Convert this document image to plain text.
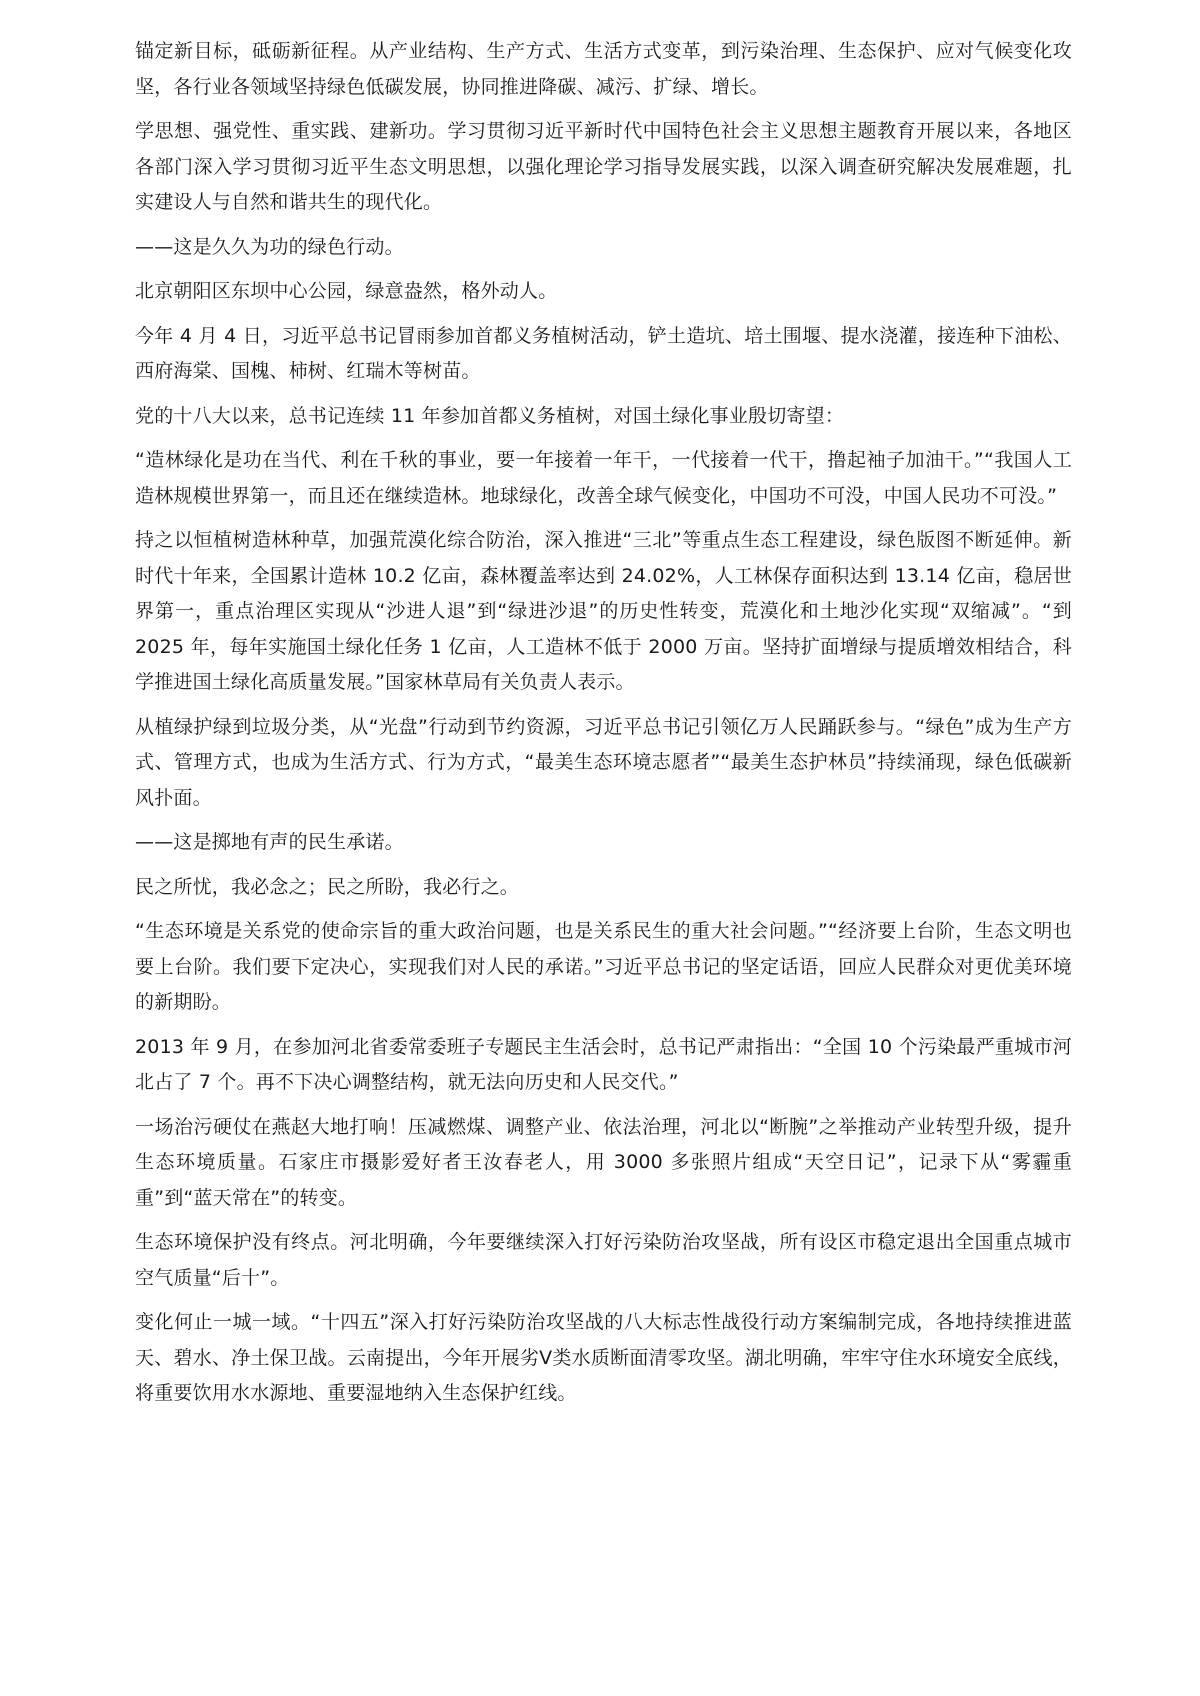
锚定新目标，砥砺新征程。从产业结构、生产方式、生活方式变革，到污染治理、生态保护、应对气候变化攻坚，各行业各领域坚持绿色低碳发展，协同推进降碳、减污、扩绿、增长。

学思想、强党性、重实践、建新功。学习贯彻习近平新时代中国特色社会主义思想主题教育开展以来，各地区各部门深入学习贯彻习近平生态文明思想，以强化理论学习指导发展实践，以深入调查研究解决发展难题，扎实建设人与自然和谐共生的现代化。

——这是久久为功的绿色行动。

北京朝阳区东坝中心公园，绿意盎然，格外动人。

今年 4 月 4 日，习近平总书记冒雨参加首都义务植树活动，铲土造坑、培土围堰、提水浇灌，接连种下油松、西府海棠、国槐、柿树、红瑞木等树苗。

党的十八大以来，总书记连续 11 年参加首都义务植树，对国土绿化事业殷切寄望：

“造林绿化是功在当代、利在千秋的事业，要一年接着一年干，一代接着一代干，撸起袖子加油干。”“我国人工造林规模世界第一，而且还在继续造林。地球绿化，改善全球气候变化，中国功不可没，中国人民功不可没。”

持之以恒植树造林种草，加强荒漠化综合防治，深入推进“三北”等重点生态工程建设，绿色版图不断延伸。新时代十年来，全国累计造林 10.2 亿亩，森林覆盖率达到 24.02%，人工林保存面积达到 13.14 亿亩，稳居世界第一，重点治理区实现从“沙进人退”到“绿进沙退”的历史性转变，荒漠化和土地沙化实现“双缩减”。“到 2025 年，每年实施国土绿化任务 1 亿亩，人工造林不低于 2000 万亩。坚持扩面增绿与提质增效相结合，科学推进国土绿化高质量发展。”国家林草局有关负责人表示。

从植绿护绿到垃圾分类，从“光盘”行动到节约资源，习近平总书记引领亿万人民踊跃参与。“绿色”成为生产方式、管理方式，也成为生活方式、行为方式，“最美生态环境志愿者”“最美生态护林员”持续涌现，绿色低碳新风扑面。

——这是掷地有声的民生承诺。

民之所忧，我必念之；民之所盼，我必行之。

“生态环境是关系党的使命宗旨的重大政治问题，也是关系民生的重大社会问题。”“经济要上台阶，生态文明也要上台阶。我们要下定决心，实现我们对人民的承诺。”习近平总书记的坚定话语，回应人民群众对更优美环境的新期盼。

2013 年 9 月，在参加河北省委常委班子专题民主生活会时，总书记严肃指出：“全国 10 个污染最严重城市河北占了 7 个。再不下决心调整结构，就无法向历史和人民交代。”

一场治污硬仗在燕赵大地打响！压减燃煤、调整产业、依法治理，河北以“断腕”之举推动产业转型升级，提升生态环境质量。石家庄市摄影爱好者王汝春老人，用 3000 多张照片组成“天空日记”，记录下从“雾霾重重”到“蓝天常在”的转变。

生态环境保护没有终点。河北明确，今年要继续深入打好污染防治攻坚战，所有设区市稳定退出全国重点城市空气质量“后十”。

变化何止一城一域。“十四五”深入打好污染防治攻坚战的八大标志性战役行动方案编制完成，各地持续推进蓝天、碧水、净土保卫战。云南提出，今年开展劣Ⅴ类水质断面清零攻坚。湖北明确，牢牢守住水环境安全底线，将重要饮用水水源地、重要湿地纳入生态保护红线。
